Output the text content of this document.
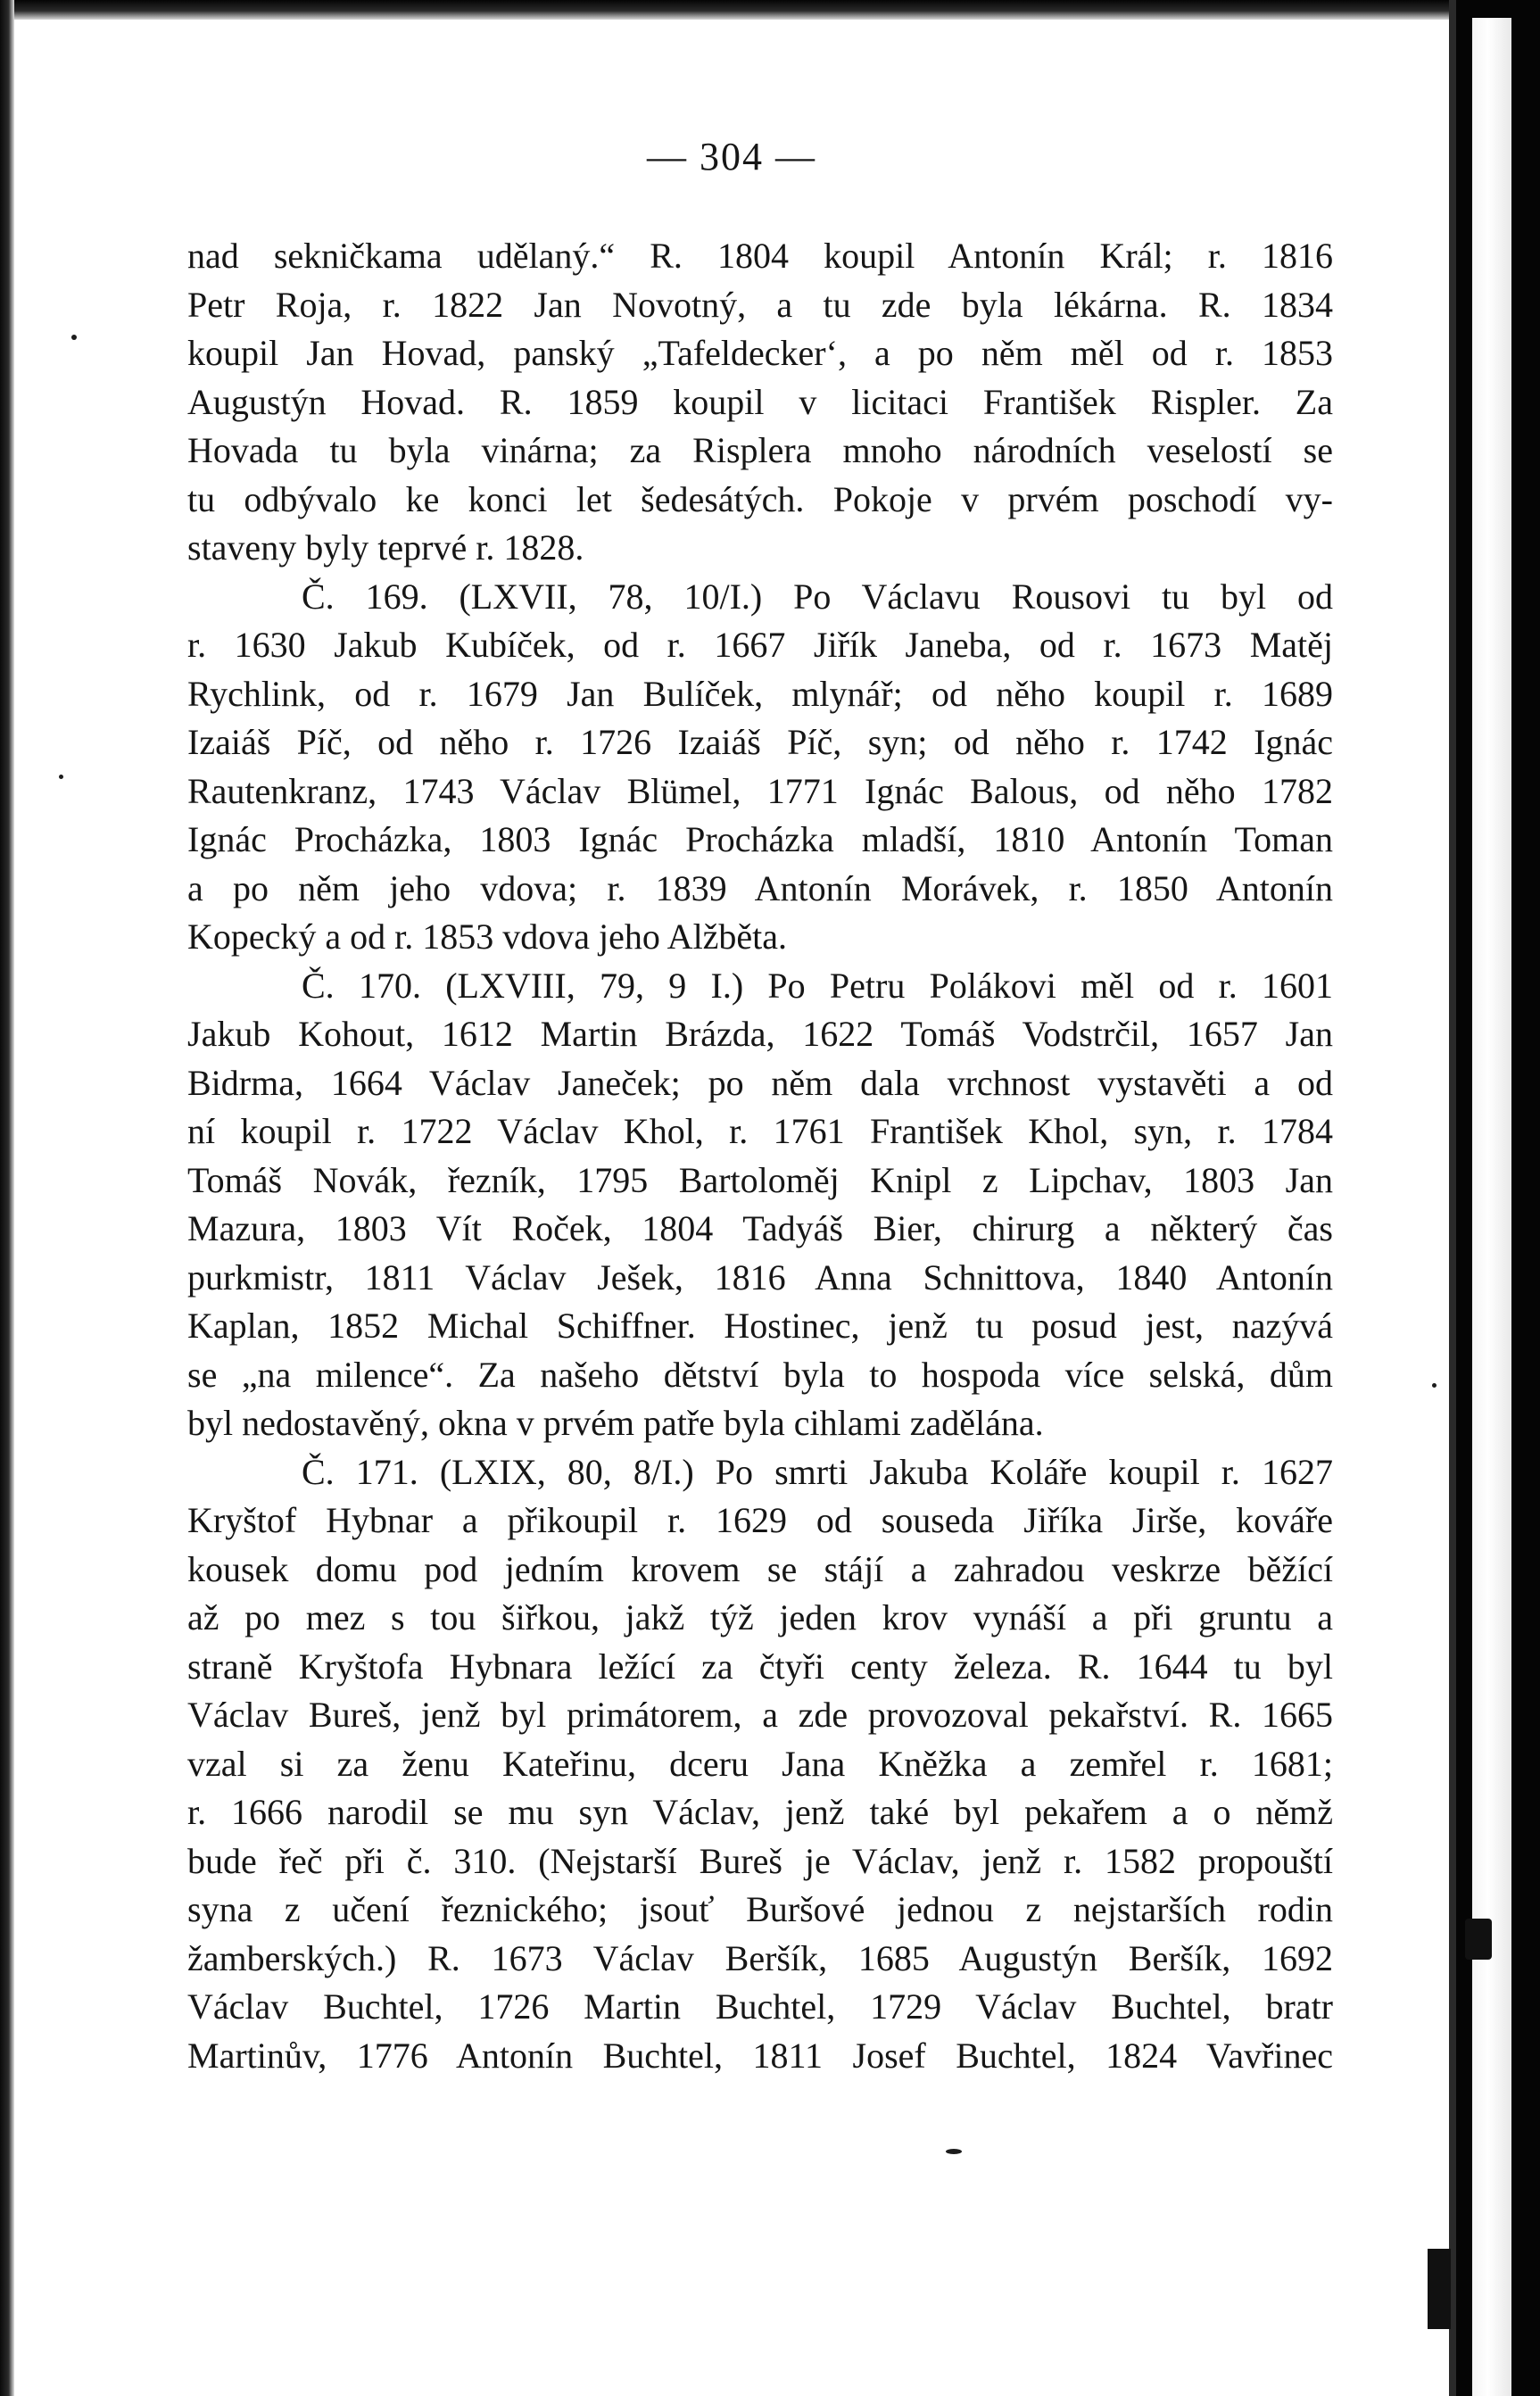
— 304 —
nad sekničkama udělaný.“ R. 1804 koupil Antonín Král; r. 1816
Petr Roja, r. 1822 Jan Novotný, a tu zde byla lékárna. R. 1834
koupil Jan Hovad, panský „Tafeldecker‘, a po něm měl od r. 1853
Augustýn Hovad. R. 1859 koupil v licitaci František Rispler. Za
Hovada tu byla vinárna; za Risplera mnoho národních veselostí se
tu odbývalo ke konci let šedesátých. Pokoje v prvém poschodí vy-
staveny byly teprvé r. 1828.
Č. 169. (LXVII, 78, 10/I.) Po Václavu Rousovi tu byl od
r. 1630 Jakub Kubíček, od r. 1667 Jiřík Janeba, od r. 1673 Matěj
Rychlink, od r. 1679 Jan Bulíček, mlynář; od něho koupil r. 1689
Izaiáš Píč, od něho r. 1726 Izaiáš Píč, syn; od něho r. 1742 Ignác
Rautenkranz, 1743 Václav Blümel, 1771 Ignác Balous, od něho 1782
Ignác Procházka, 1803 Ignác Procházka mladší, 1810 Antonín Toman
a po něm jeho vdova; r. 1839 Antonín Morávek, r. 1850 Antonín
Kopecký a od r. 1853 vdova jeho Alžběta.
Č. 170. (LXVIII, 79, 9 I.) Po Petru Polákovi měl od r. 1601
Jakub Kohout, 1612 Martin Brázda, 1622 Tomáš Vodstrčil, 1657 Jan
Bidrma, 1664 Václav Janeček; po něm dala vrchnost vystavěti a od
ní koupil r. 1722 Václav Khol, r. 1761 František Khol, syn, r. 1784
Tomáš Novák, řezník, 1795 Bartoloměj Knipl z Lipchav, 1803 Jan
Mazura, 1803 Vít Roček, 1804 Tadyáš Bier, chirurg a některý čas
purkmistr, 1811 Václav Ješek, 1816 Anna Schnittova, 1840 Antonín
Kaplan, 1852 Michal Schiffner. Hostinec, jenž tu posud jest, nazývá
se „na milence“. Za našeho dětství byla to hospoda více selská, dům
byl nedostavěný, okna v prvém patře byla cihlami zadělána.
Č. 171. (LXIX, 80, 8/I.) Po smrti Jakuba Koláře koupil r. 1627
Kryštof Hybnar a přikoupil r. 1629 od souseda Jiříka Jirše, kováře
kousek domu pod jedním krovem se stájí a zahradou veskrze běžící
až po mez s tou šiřkou, jakž týž jeden krov vynáší a při gruntu a
straně Kryštofa Hybnara ležící za čtyři centy železa. R. 1644 tu byl
Václav Bureš, jenž byl primátorem, a zde provozoval pekařství. R. 1665
vzal si za ženu Kateřinu, dceru Jana Kněžka a zemřel r. 1681;
r. 1666 narodil se mu syn Václav, jenž také byl pekařem a o němž
bude řeč při č. 310. (Nejstarší Bureš je Václav, jenž r. 1582 propouští
syna z učení řeznického; jsouť Buršové jednou z nejstarších rodin
žamberských.) R. 1673 Václav Beršík, 1685 Augustýn Beršík, 1692
Václav Buchtel, 1726 Martin Buchtel, 1729 Václav Buchtel, bratr
Martinův, 1776 Antonín Buchtel, 1811 Josef Buchtel, 1824 Vavřinec
